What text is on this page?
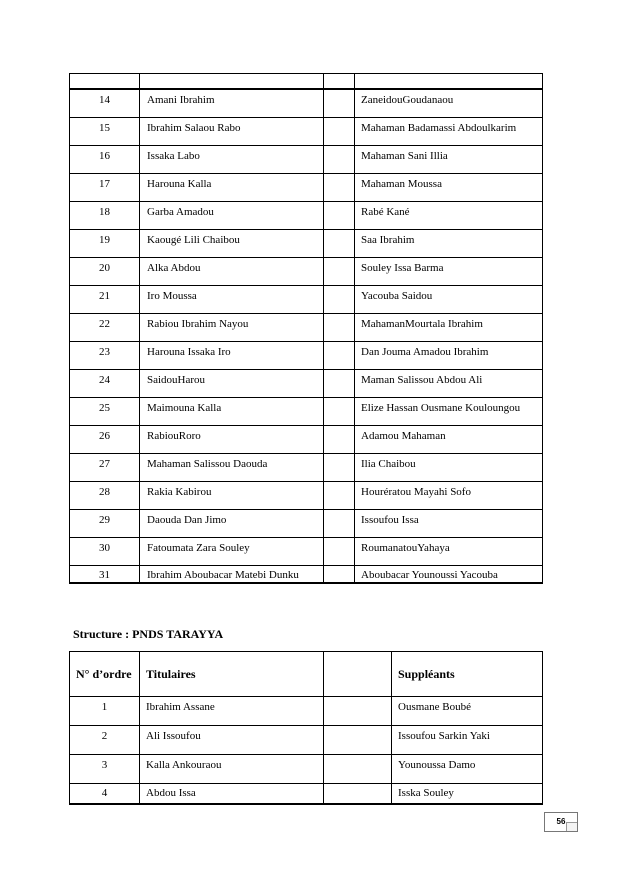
14	Amani Ibrahim		ZaneidouGoudanaou
15	Ibrahim Salaou Rabo		Mahaman Badamassi Abdoulkarim
16	Issaka Labo		Mahaman Sani Illia
17	Harouna Kalla		Mahaman Moussa
18	Garba Amadou		Rabé Kané
19	Kaougé Lili Chaibou		Saa Ibrahim
20	Alka Abdou		Souley Issa Barma
21	Iro Moussa		Yacouba Saidou
22	Rabiou Ibrahim Nayou		MahamanMourtala Ibrahim
23	Harouna Issaka Iro		Dan Jouma Amadou Ibrahim
24	SaidouHarou		Maman Salissou Abdou Ali
25	Maimouna Kalla		Elize Hassan Ousmane Kouloungou
26	RabiouRoro		Adamou Mahaman
27	Mahaman Salissou Daouda		Ilia Chaibou
28	Rakia Kabirou		Hourératou Mayahi Sofo
29	Daouda Dan Jimo		Issoufou Issa
30	Fatoumata Zara Souley		RoumanatouYahaya
31	Ibrahim Aboubacar Matebi Dunku		Aboubacar Younoussi Yacouba
Structure : PNDS TARAYYA
N° d’ordre	Titulaires		Suppléants
1	Ibrahim Assane		Ousmane Boubé
2	Ali Issoufou		Issoufou Sarkin Yaki
3	Kalla Ankouraou		Younoussa Damo
4	Abdou Issa		Isska Souley
56
